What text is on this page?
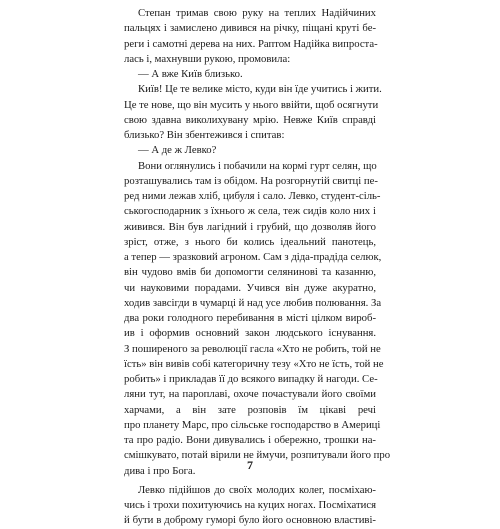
Степан тримав свою руку на теплих Надійчиних
пальцях і замислено дивився на річку, піщані круті бе-
реги і самотні дерева на них. Раптом Надійка випроста-
лась і, махнувши рукою, промовила:
— А вже Київ близько.
Київ! Це те велике місто, куди він їде учитись і жити.
Це те нове, що він мусить у нього ввійти, щоб осягнути
свою здавна виколихувану мрію. Невже Київ справді
близько? Він збентежився і спитав:
— А де ж Левко?
Вони оглянулись і побачили на кормі гурт селян, що
розташувались там із обідом. На розгорнутій свитці пе-
ред ними лежав хліб, цибуля і сало. Левко, студент-сіль-
ськогосподарник з їхнього ж села, теж сидів коло них і
живився. Він був лагідний і грубий, що дозволяв його
зріст, отже, з нього би колись ідеальний панотець,
а тепер — зразковий агроном. Сам з діда-прадіда селюк,
він чудово вмів би допомогти селянинові та казанню,
чи науковими порадами. Учився він дуже акуратно,
ходив завсігди в чумарці й над усе любив полювання. За
два роки голодного перебивання в місті цілком вироб-
ив і оформив основний закон людського існування.
З поширеного за революції гасла «Хто не робить, той не
їсть» він вивів собі категоричну тезу «Хто не їсть, той не
робить» і прикладав її до всякого випадку й нагоди. Се-
ляни тут, на пароплаві, охоче почастували його своїми
харчами, а він зате розповів їм цікаві речі
про планету Марс, про сільське господарство в Америці
та про радіо. Вони дивувались і обережно, трошки на-
смішкувато, потай вірили не ймучи, розпитували його про
дива і про Бога.
Левко підійшов до своїх молодих колег, посміхаю-
чись і трохи похитуючись на куцих ногах. Посміхатися
й бути в доброму гуморі було його основною властиві-
7
